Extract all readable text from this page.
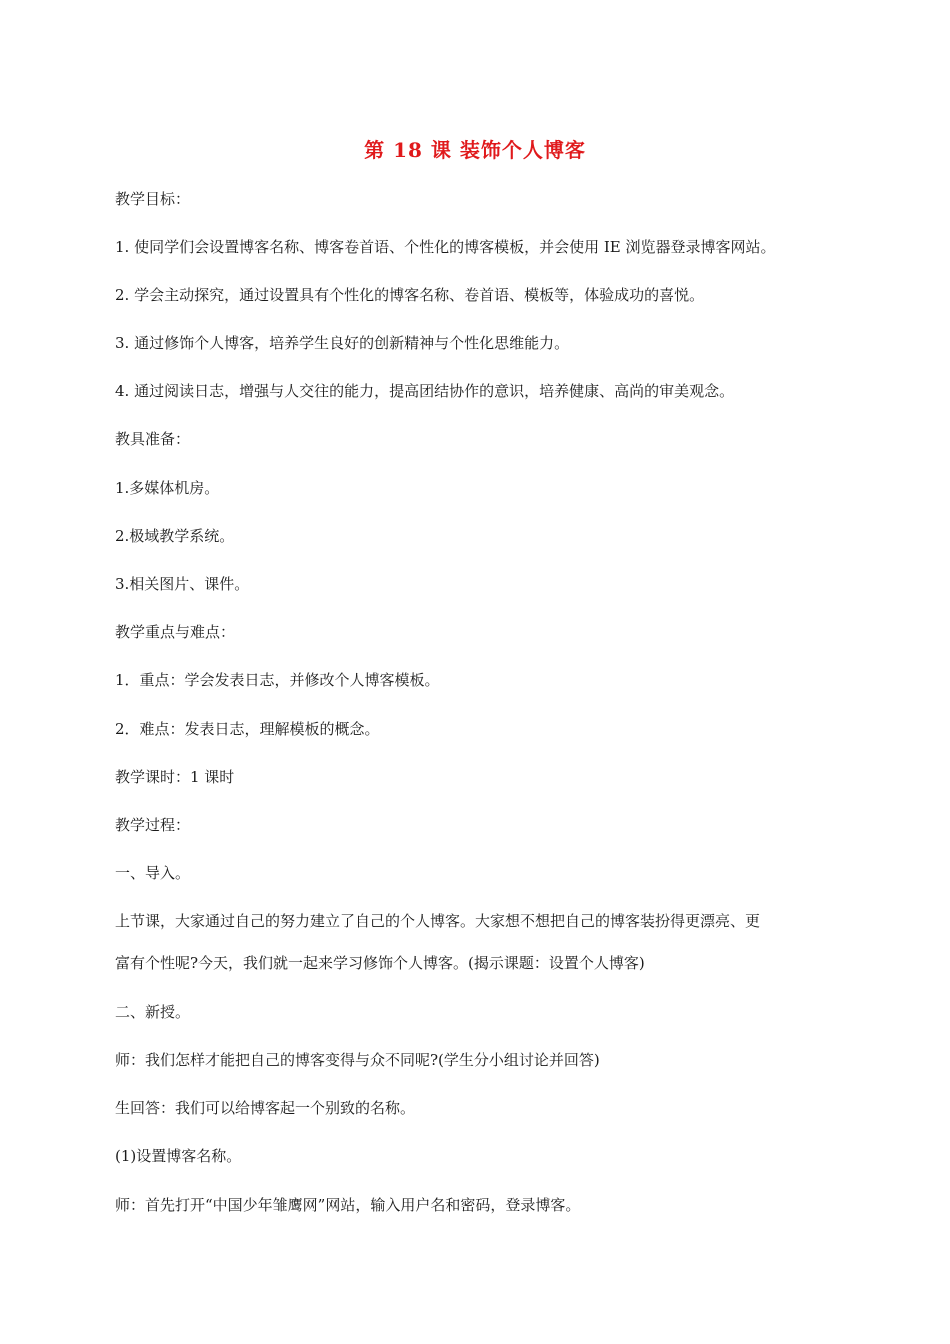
第 18 课 装饰个人博客

教学目标：

1. 使同学们会设置博客名称、博客卷首语、个性化的博客模板，并会使用 IE 浏览器登录博客网站。

2. 学会主动探究，通过设置具有个性化的博客名称、卷首语、模板等，体验成功的喜悦。

3. 通过修饰个人博客，培养学生良好的创新精神与个性化思维能力。

4. 通过阅读日志，增强与人交往的能力，提高团结协作的意识，培养健康、高尚的审美观念。

教具准备：

1.多媒体机房。

2.极域教学系统。

3.相关图片、课件。

教学重点与难点：

1．重点：学会发表日志，并修改个人博客模板。

2．难点：发表日志，理解模板的概念。

教学课时：1 课时

教学过程：

一、导入。

上节课，大家通过自己的努力建立了自己的个人博客。大家想不想把自己的博客装扮得更漂亮、更

富有个性呢?今天，我们就一起来学习修饰个人博客。(揭示课题：设置个人博客)

二、新授。

师：我们怎样才能把自己的博客变得与众不同呢?(学生分小组讨论并回答)

生回答：我们可以给博客起一个别致的名称。

(1)设置博客名称。

师：首先打开“中国少年雏鹰网”网站，输入用户名和密码，登录博客。
